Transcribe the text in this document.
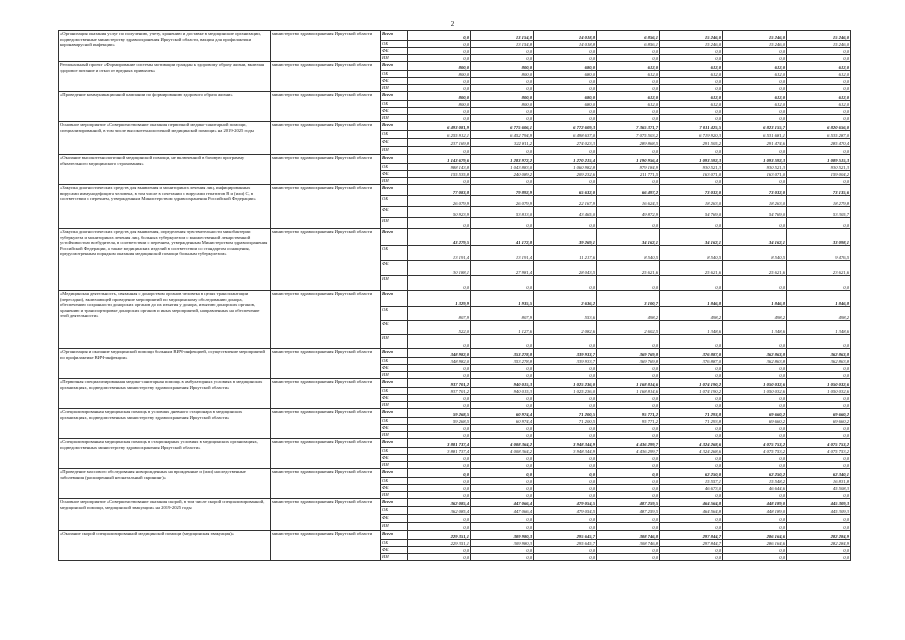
2
«Организация оказания услуг по получению, учету, хранению и доставке в медицинские организации, подведомственные министерству здравоохранения Иркутской области, вакцин для профилактики коронавирусной инфекции»	министерство здравоохранения Иркутской области	Всего	0,0	13 154,8	14 018,8	6 856,1	15 246,0	15 246,0	15 246,0
		ОБ	0,0	13 154,8	14 018,8	6 856,1	15 246,0	15 246,0	15 246,0
		ФБ	0,0	0,0	0,0	0,0	0,0	0,0	0,0
		ИИ	0,0	0,0	0,0	0,0	0,0	0,0	0,0
Региональный проект «Формирование системы мотивации граждан к здоровому образу жизни, включая здоровое питание и отказ от вредных привычек»	министерство здравоохранения Иркутской области	Всего	800,0	800,0	680,0	612,0	612,0	612,0	612,0
		ОБ	800,0	800,0	680,0	612,0	612,0	612,0	612,0
		ФБ	0,0	0,0	0,0	0,0	0,0	0,0	0,0
		ИИ	0,0	0,0	0,0	0,0	0,0	0,0	0,0
«Проведение коммуникационной кампании по формированию здорового образа жизни»	министерство здравоохранения Иркутской области	Всего	800,0	800,0	680,0	612,0	612,0	612,0	612,0
		ОБ	800,0	800,0	680,0	612,0	612,0	612,0	612,0
		ФБ	0,0	0,0	0,0	0,0	0,0	0,0	0,0
		ИИ	0,0	0,0	0,0	0,0	0,0	0,0	0,0
Основное мероприятие «Совершенствование оказания первичной медико-санитарной помощи, специализированной, в том числе высокотехнологичной медицинской помощи» на 2019-2025 годы	министерство здравоохранения Иркутской области	Всего	6 493 081,9	6 775 606,1	6 772 609,3	7 365 371,7	7 011 425,5	6 823 155,7	6 820 656,0
		ОБ	6 255 912,1	6 452 794,9	6 498 637,0	7 075 503,2	6 719 920,3	6 531 681,1	6 535 287,0
		ФБ	237 169,8	322 811,2	274 023,3	289 868,5	291 505,2	291 474,6	285 470,4
		ИИ	0,0	0,0	0,0	0,0	0,0	0,0	0,0
«Оказание высокотехнологичной медицинской помощи, не включенной в базовую программу обязательного медицинского страхования»	министерство здравоохранения Иркутской области	Всего	1 143 679,6	1 283 972,2	1 270 215,4	1 190 956,4	1 093 592,3	1 093 592,3	1 089 515,3
		ОБ	988 143,8	1 043 883,0	1 060 982,8	979 184,9	930 521,3	930 521,3	930 521,3
		ФБ	155 535,8	240 089,2	209 232,6	211 771,5	163 071,0	163 071,0	159 004,2
		ИИ	0,0	0,0	0,0	0,0	0,0	0,0	0,0
«Закупка диагностических средств для выявления и мониторинга лечения лиц, инфицированных вирусами иммунодефицита человека, в том числе в сочетании с вирусами гепатитов B и (или) C, в соответствии с перечнем, утвержденным Министерством здравоохранения Российской Федерации»	министерство здравоохранения Иркутской области	Всего	77 083,8	79 892,9	65 632,0	66 497,2	73 032,0	73 032,0	73 135,6
		ОБ	26 079,9	26 079,9	22 167,9	16 624,3	18 263,0	18 263,0	18 279,8
		ФБ	50 923,9	53 813,0	43 465,0	49 872,9	54 769,0	54 769,0	53 305,7
		ИИ	0,0	0,0	0,0	0,0	0,0	0,0	0,0
«Закупка диагностических средств для выявления, определения чувствительности микобактерии туберкулеза и мониторинга лечения лиц, больных туберкулезом с множественной лекарственной устойчивостью возбудителя, в соответствии с перечнем, утвержденным Министерством здравоохранения Российской Федерации, а также медицинских изделий в соответствии со стандартом оснащения, предусмотренным порядком оказания медицинской помощи больным туберкулезом»	министерство здравоохранения Иркутской области	Всего	43 279,5	41 172,8	39 269,1	34 162,1	34 162,1	34 162,1	33 098,1
		ОБ	13 191,4	13 191,4	11 217,6	8 540,5	8 540,5	8 540,5	9 476,5
		ФБ	30 188,1	27 981,4	28 043,5	25 621,6	25 621,6	25 621,6	23 621,6
		ИИ	0,0	0,0	0,0	0,0	0,0	0,0	0,0
«Медицинская деятельность, связанная с донорством органов человека в целях трансплантации (пересадки), включающей проведение мероприятий по медицинскому обследованию донора, обеспечению сохранности донорских органов до их изъятия у донора, изъятию донорских органов, хранению и транспортировке донорских органов и иных мероприятий, направленных на обеспечение этой деятельности»	министерство здравоохранения Иркутской области	Всего	1 329,9	1 935,5	2 636,2	3 100,7	1 846,8	1 846,8	1 846,8
		ОБ	807,9	807,9	553,6	498,2	498,2	498,2	498,2
		ФБ	522,0	1 127,6	2 082,6	2 602,5	1 348,6	1 348,6	1 348,6
		ИИ	0,0	0,0	0,0	0,0	0,0	0,0	0,0
«Организация и оказание медицинской помощи больным ВИЧ-инфекцией, осуществление мероприятий по профилактике ВИЧ-инфекции»	министерство здравоохранения Иркутской области	Всего	348 982,0	353 278,8	339 933,7	369 769,8	376 887,0	362 863,8	362 863,8
		ОБ	348 982,0	353 278,8	339 933,7	369 769,8	376 887,0	362 863,8	362 863,8
		ФБ	0,0	0,0	0,0	0,0	0,0	0,0	0,0
		ИИ	0,0	0,0	0,0	0,0	0,0	0,0	0,0
«Первичная специализированная медико-санитарная помощь в амбулаторных условиях в медицинских организациях, подведомственных министерству здравоохранения Иркутской области»	министерство здравоохранения Иркутской области	Всего	937 701,2	940 015,3	1 025 236,0	1 168 814,6	1 074 190,2	1 050 032,6	1 050 032,6
		ОБ	937 701,2	940 015,3	1 025 236,0	1 168 814,6	1 074 190,2	1 050 032,6	1 050 032,6
		ФБ	0,0	0,0	0,0	0,0	0,0	0,0	0,0
		ИИ	0,0	0,0	0,0	0,0	0,0	0,0	0,0
«Специализированная медицинская помощь в условиях дневного стационара в медицинских организациях, подведомственных министерству здравоохранения Иркутской области»	министерство здравоохранения Иркутской области	Всего	59 268,5	60 974,4	71 200,5	95 771,2	71 293,8	69 660,2	69 660,2
		ОБ	59 268,5	60 974,4	71 200,5	95 771,2	71 293,8	69 660,2	69 660,2
		ФБ	0,0	0,0	0,0	0,0	0,0	0,0	0,0
		ИИ	0,0	0,0	0,0	0,0	0,0	0,0	0,0
«Специализированная медицинская помощь в стационарных условиях в медицинских организациях, подведомственных министерству здравоохранения Иркутской области»	министерство здравоохранения Иркутской области	Всего	3 881 737,4	4 008 364,2	3 948 344,9	4 436 299,7	4 324 268,6	4 075 753,2	4 075 753,2
		ОБ	3 881 737,4	4 008 364,2	3 948 344,9	4 436 299,7	4 324 268,6	4 075 753,2	4 075 753,2
		ФБ	0,0	0,0	0,0	0,0	0,0	0,0	0,0
		ИИ	0,0	0,0	0,0	0,0	0,0	0,0	0,0
«Проведение массового обследования новорожденных на врожденные и (или) наследственные заболевания (расширенный неонатальный скрининг)»	министерство здравоохранения Иркутской области	Всего	0,0	0,0	0,0	0,0	62 250,0	62 250,2	62 340,1
		ОБ	0,0	0,0	0,0	0,0	15 557,1	15 548,2	16 831,8
		ФБ	0,0	0,0	0,0	0,0	46 673,0	46 644,6	45 508,3
		ИИ	0,0	0,0	0,0	0,0	0,0	0,0	0,0
Основное мероприятие «Совершенствование оказания скорой, в том числе скорой специализированной, медицинской помощи, медицинской эвакуации» на 2019-2025 годы	министерство здравоохранения Иркутской области	Всего	362 085,4	447 066,4	479 054,5	487 259,5	464 564,8	448 189,0	445 309,3
		ОБ	362 085,4	447 066,4	479 054,5	487 259,5	464 564,8	448 189,0	445 309,3
		ФБ	0,0	0,0	0,0	0,0	0,0	0,0	0,0
		ИИ	0,0	0,0	0,0	0,0	0,0	0,0	0,0
«Оказание скорой специализированной медицинской помощи (медицинская эвакуация)»	министерство здравоохранения Иркутской области	Всего	229 351,1	309 980,3	295 645,7	308 746,8	297 844,7	286 164,6	282 284,9
		ОБ	229 351,1	309 980,3	295 645,7	308 746,8	297 844,7	286 164,6	282 284,9
		ФБ	0,0	0,0	0,0	0,0	0,0	0,0	0,0
		ИИ	0,0	0,0	0,0	0,0	0,0	0,0	0,0
